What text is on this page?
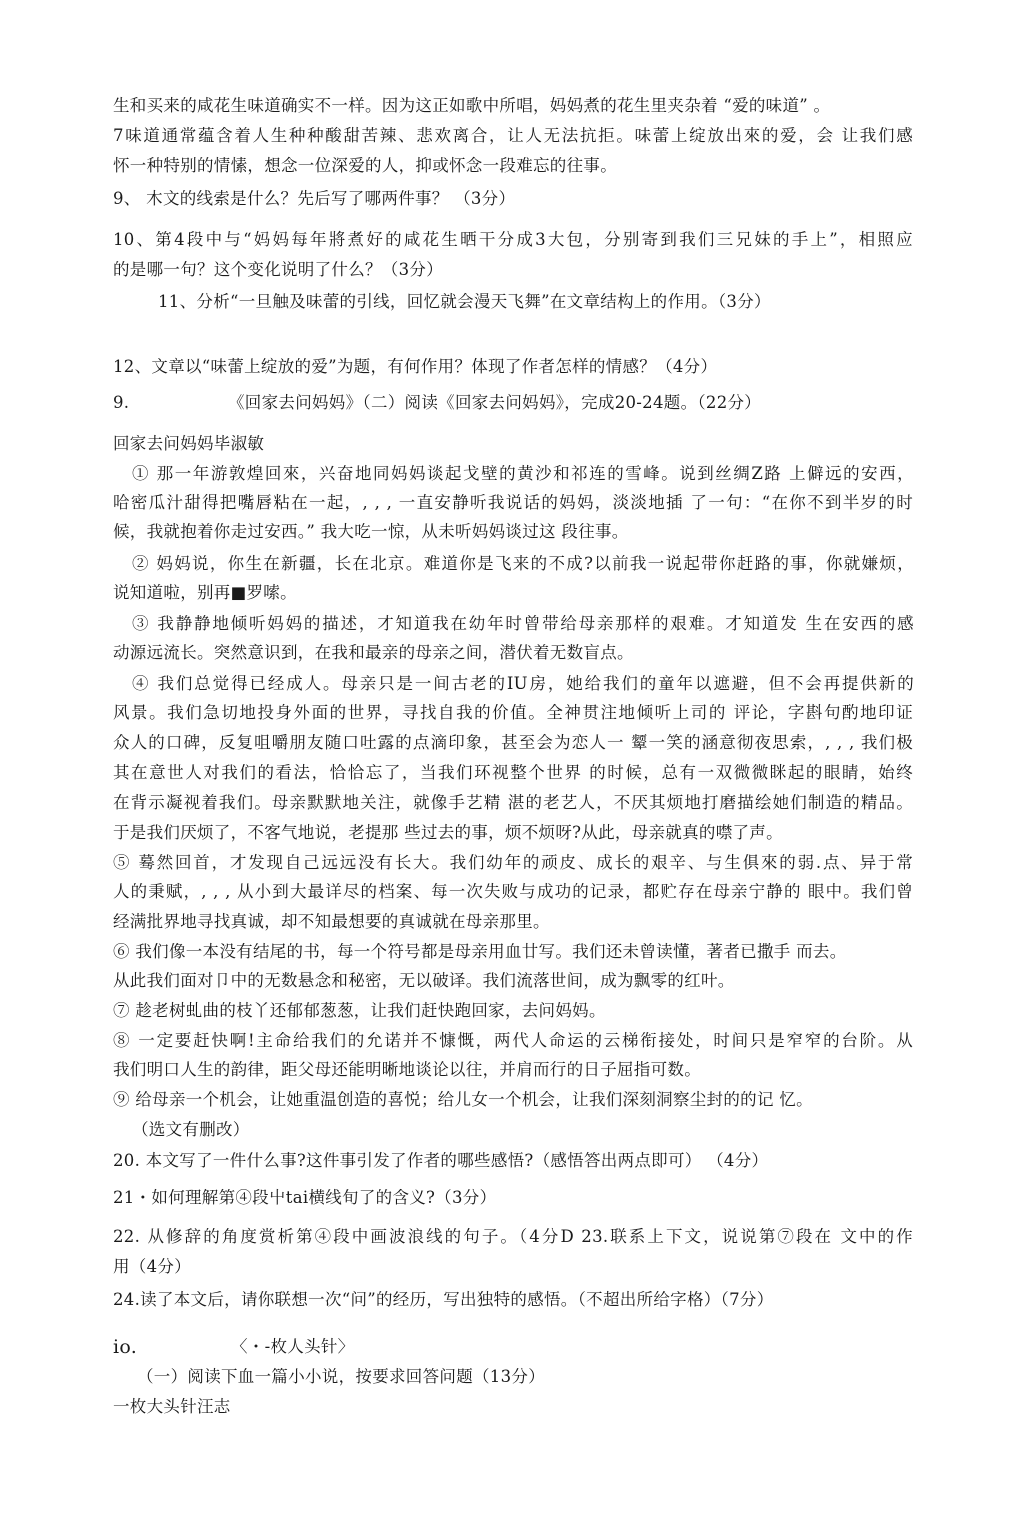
生和买来的咸花生味道确实不一样。因为这正如歌中所唱，妈妈煮的花生里夹杂着 “爱的味道” 。
7味道通常蕴含着人生种种酸甜苦辣、悲欢离合，让人无法抗拒。味蕾上绽放出來的爱，会 让我们感
怀一种特别的情愫，想念一位深爱的人，抑或怀念一段难忘的往事。
9、 木文的线索是什么？先后写了哪两件事？ （3分）
10、第4段中与“妈妈每年將煮好的咸花生晒干分成3大包，分别寄到我们三兄妹的手上”，相照应
的是哪一句？这个变化说明了什么？（3分）
11、分析“一旦触及味蕾的引线，回忆就会漫天飞舞”在文章结构上的作用。（3分）
12、文章以“味蕾上绽放的爱”为题，有何作用？体现了作者怎样的情感？（4分）
9.	《回家去问妈妈》（二）阅读《回家去问妈妈》，完成20-24题。（22分）
回家去问妈妈毕淑敏
① 那一年游敦煌回來，兴奋地同妈妈谈起戈壁的黄沙和祁连的雪峰。说到丝绸Z路 上僻远的安西，
哈密瓜汁甜得把嘴唇粘在一起，, , , 一直安静听我说话的妈妈，淡淡地插 了一句：“在你不到半岁的时
候，我就抱着你走过安西。” 我大吃一惊，从未听妈妈谈过这 段往事。
② 妈妈说，你生在新疆，长在北京。难道你是飞来的不成?以前我一说起带你赶路的事，你就嫌烦，
说知道啦，别再■罗嗦。
③ 我静静地倾听妈妈的描述，才知道我在幼年时曾带给母亲那样的艰难。才知道发 生在安西的感
动源远流长。突然意识到，在我和最亲的母亲之间，潜伏着无数盲点。
④ 我们总觉得已经成人。母亲只是一间古老的IU房，她给我们的童年以遮避，但不会再提供新的
风景。我们急切地投身外面的世界，寻找自我的价值。全神贯注地倾听上司的 评论，字斟句酌地印证
众人的口碑，反复咀嚼朋友随口吐露的点滴印象，甚至会为恋人一 颦一笑的涵意彻夜思索，, , , 我们极
其在意世人对我们的看法，恰恰忘了，当我们环视整个世界 的时候，总有一双微微眯起的眼睛，始终
在背示凝视着我们。母亲默默地关注，就像手艺精 湛的老艺人，不厌其烦地打磨描绘她们制造的精品。
于是我们厌烦了，不客气地说，老提那 些过去的事，烦不烦呀?从此，母亲就真的噤了声。
⑤ 蓦然回首，才发现自己远远没有长大。我们幼年的顽皮、成长的艰辛、与生俱來的弱.点、异于常
人的秉赋，, , , 从小到大最详尽的档案、每一次失败与成功的记录，都贮存在母亲宁静的 眼中。我们曾
经满批界地寻找真诚，却不知最想要的真诚就在母亲那里。
⑥ 我们像一本没有结尾的书，每一个符号都是母亲用血廿写。我们还未曾读懂，著者已撒手 而去。
从此我们面对卩中的无数悬念和秘密，无以破译。我们流落世间，成为飘零的红叶。
⑦ 趁老树虬曲的枝丫还郁郁葱葱，让我们赶快跑回家，去问妈妈。
⑧ 一定要赶快啊!主命给我们的允诺并不慷慨，两代人命运的云梯衔接处，时间只是窄窄的台阶。从
我们明口人生的韵律，距父母还能明晰地谈论以往，并肩而行的日子屈指可数。
⑨ 给母亲一个机会，让她重温创造的喜悦；给儿女一个机会，让我们深刻洞察尘封的的记 忆。
（选文有删改）
20. 本文写了一件什么事?这件事引发了作者的哪些感悟?（感悟答出两点即可） （4分）
21・如何理解第④段屮tai横线旬了的含义?（3分）
22. 从修辞的角度赏析第④段中画波浪线的句子。（4分D 23.联系上下文，说说第⑦段在 文中的作
用（4分）
24.读了本文后，请你联想一次“问”的经历，写出独特的感悟。（不超出所给字格）（7分）
io.	〈・-枚人头针〉
（一）阅读下血一篇小小说，按要求回答问题（13分）
一枚大头针汪志
